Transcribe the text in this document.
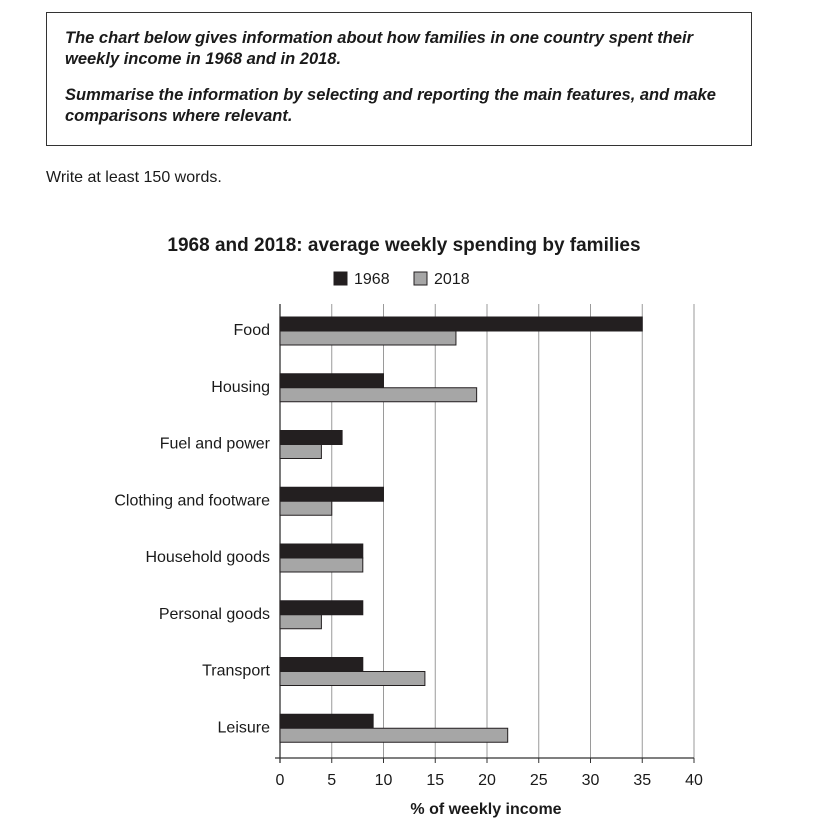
The chart below gives information about how families in one country spent their weekly income in 1968 and in 2018.

Summarise the information by selecting and reporting the main features, and make comparisons where relevant.

Write at least 150 words.
1968 and 2018: average weekly spending by families
1968	2018
0	5 10 15 20 25 30 35 40
% of weekly income
Food
Housing
Fuel and power
Clothing and footware
Household goods
Personal goods
Transport
Leisure
